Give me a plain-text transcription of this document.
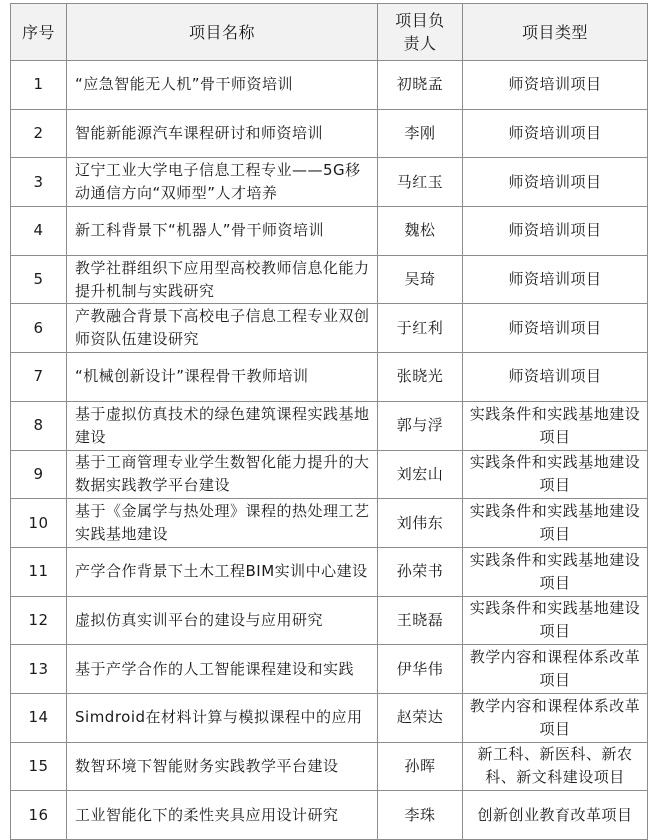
序号	项目名称	项目负责人	项目类型
1	“应急智能无人机”骨干师资培训	初晓孟	师资培训项目
2	智能新能源汽车课程研讨和师资培训	李刚	师资培训项目
3	辽宁工业大学电子信息工程专业——5G移动通信方向“双师型”人才培养	马红玉	师资培训项目
4	新工科背景下“机器人”骨干师资培训	魏松	师资培训项目
5	教学社群组织下应用型高校教师信息化能力提升机制与实践研究	吴琦	师资培训项目
6	产教融合背景下高校电子信息工程专业双创师资队伍建设研究	于红利	师资培训项目
7	“机械创新设计”课程骨干教师培训	张晓光	师资培训项目
8	基于虚拟仿真技术的绿色建筑课程实践基地建设	郭与浮	实践条件和实践基地建设项目
9	基于工商管理专业学生数智化能力提升的大数据实践教学平台建设	刘宏山	实践条件和实践基地建设项目
10	基于《金属学与热处理》课程的热处理工艺实践基地建设	刘伟东	实践条件和实践基地建设项目
11	产学合作背景下土木工程BIM实训中心建设	孙荣书	实践条件和实践基地建设项目
12	虚拟仿真实训平台的建设与应用研究	王晓磊	实践条件和实践基地建设项目
13	基于产学合作的人工智能课程建设和实践	伊华伟	教学内容和课程体系改革项目
14	Simdroid在材料计算与模拟课程中的应用	赵荣达	教学内容和课程体系改革项目
15	数智环境下智能财务实践教学平台建设	孙晖	新工科、新医科、新农科、新文科建设项目
16	工业智能化下的柔性夹具应用设计研究	李珠	创新创业教育改革项目
